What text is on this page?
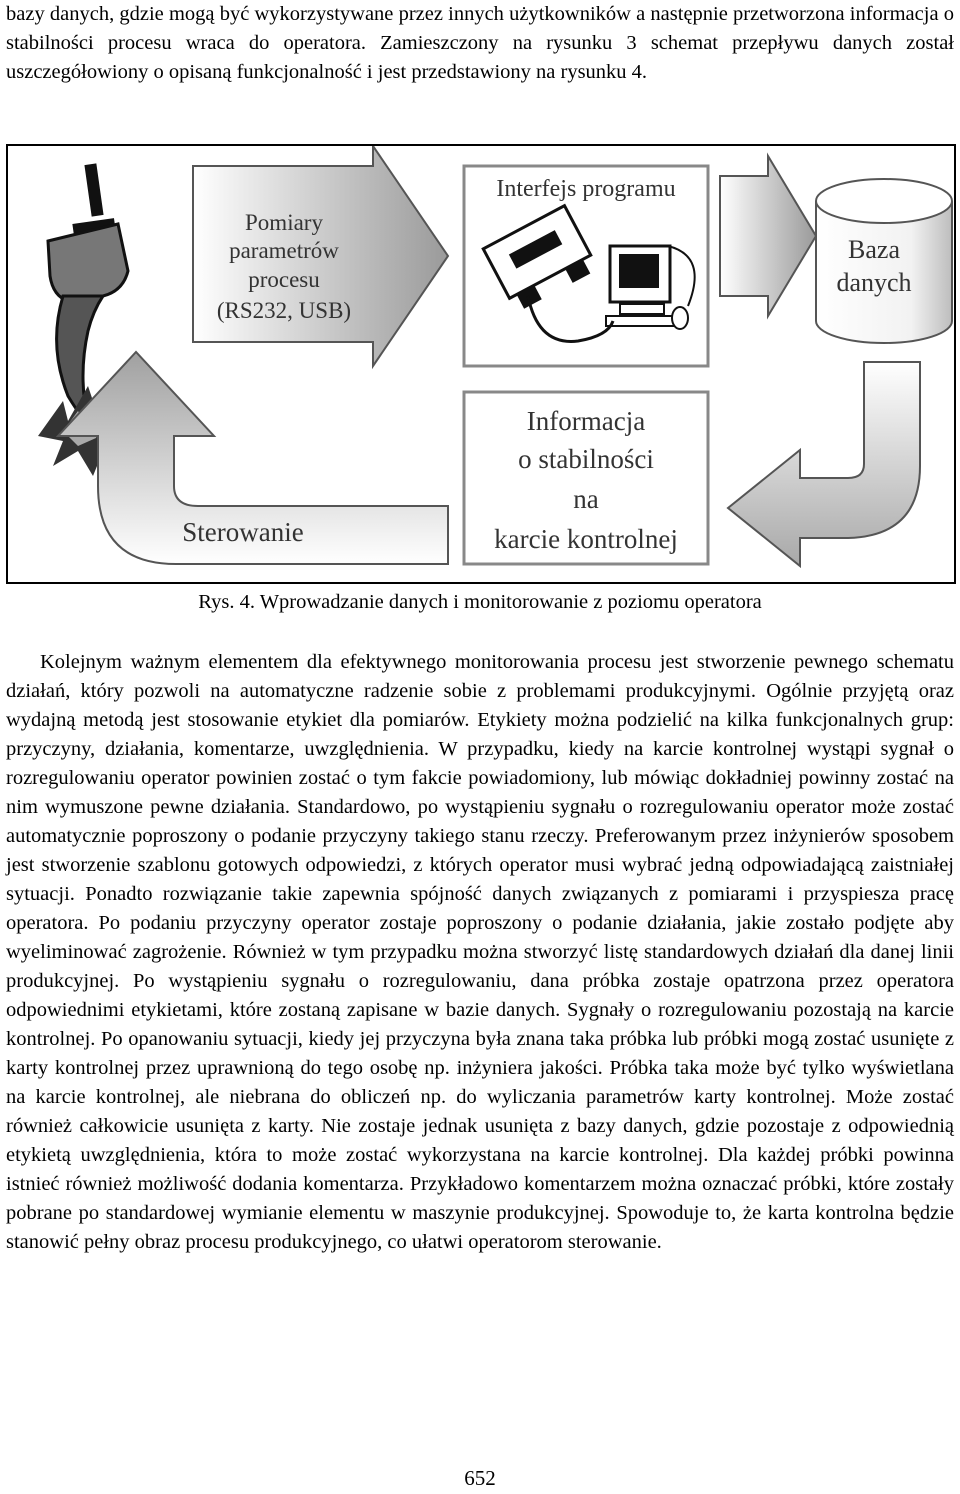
bazy danych, gdzie mogą być wykorzystywane przez innych użytkowników a następnie przetworzona informacja o stabilności procesu wraca do operatora. Zamieszczony na rysunku 3 schemat przepływu danych został uszczegółowiony o opisaną funkcjonalność i jest przedstawiony na rysunku 4.

Pomiary
parametrów
procesu
(RS232, USB)
Interfejs programu
Baza
danych
Informacja
o stabilności
na
karcie kontrolnej
Sterowanie
Rys. 4. Wprowadzanie danych i monitorowanie z poziomu operatora

Kolejnym ważnym elementem dla efektywnego monitorowania procesu jest stworzenie pewnego schematu działań, który pozwoli na automatyczne radzenie sobie z problemami produkcyjnymi. Ogólnie przyjętą oraz wydajną metodą jest stosowanie etykiet dla pomiarów. Etykiety można podzielić na kilka funkcjonalnych grup: przyczyny, działania, komentarze, uwzględnienia. W przypadku, kiedy na karcie kontrolnej wystąpi sygnał o rozregulowaniu operator powinien zostać o tym fakcie powiadomiony, lub mówiąc dokładniej powinny zostać na nim wymuszone pewne działania. Standardowo, po wystąpieniu sygnału o rozregulowaniu operator może zostać automatycznie poproszony o podanie przyczyny takiego stanu rzeczy. Preferowanym przez inżynierów sposobem jest stworzenie szablonu gotowych odpowiedzi, z których operator musi wybrać jedną odpowiadającą zaistniałej sytuacji. Ponadto rozwiązanie takie zapewnia spójność danych związanych z pomiarami i przyspiesza pracę operatora. Po podaniu przyczyny operator zostaje poproszony o podanie działania, jakie zostało podjęte aby wyeliminować zagrożenie. Również w tym przypadku można stworzyć listę standardowych działań dla danej linii produkcyjnej. Po wystąpieniu sygnału o rozregulowaniu, dana próbka zostaje opatrzona przez operatora odpowiednimi etykietami, które zostaną zapisane w bazie danych. Sygnały o rozregulowaniu pozostają na karcie kontrolnej. Po opanowaniu sytuacji, kiedy jej przyczyna była znana taka próbka lub próbki mogą zostać usunięte z karty kontrolnej przez uprawnioną do tego osobę np. inżyniera jakości. Próbka taka może być tylko wyświetlana na karcie kontrolnej, ale niebrana do obliczeń np. do wyliczania parametrów karty kontrolnej. Może zostać również całkowicie usunięta z karty. Nie zostaje jednak usunięta z bazy danych, gdzie pozostaje z odpowiednią etykietą uwzględnienia, która to może zostać wykorzystana na karcie kontrolnej. Dla każdej próbki powinna istnieć również możliwość dodania komentarza. Przykładowo komentarzem można oznaczać próbki, które zostały pobrane po standardowej wymianie elementu w maszynie produkcyjnej. Spowoduje to, że karta kontrolna będzie stanowić pełny obraz procesu produkcyjnego, co ułatwi operatorom sterowanie.

652
